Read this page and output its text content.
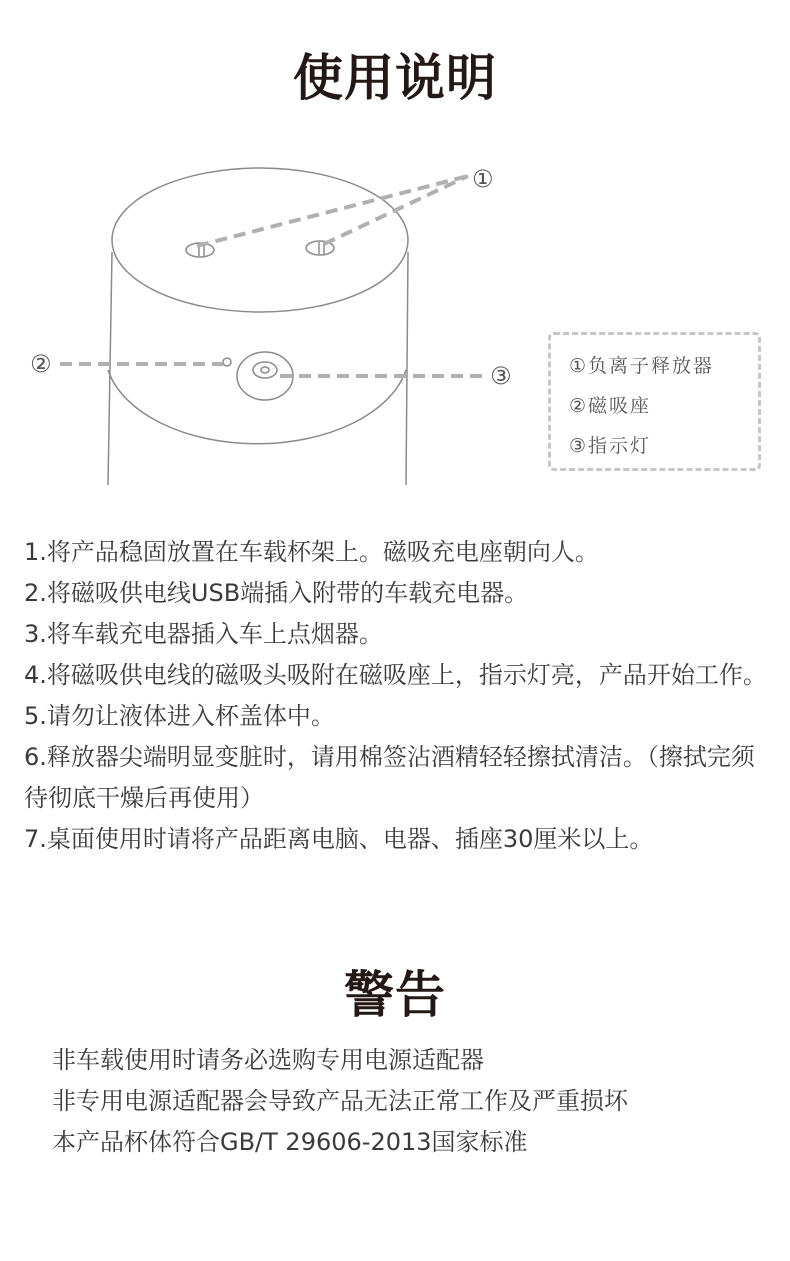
使用说明
①
②	③	①负离子释放器
②磁吸座
③指示灯

1.将产品稳固放置在车载杯架上。磁吸充电座朝向人。

2.将磁吸供电线USB端插入附带的车载充电器。

3.将车载充电器插入车上点烟器。

4.将磁吸供电线的磁吸头吸附在磁吸座上，指示灯亮，产品开始工作。

5.请勿让液体进入杯盖体中。

6.释放器尖端明显变脏时，请用棉签沾酒精轻轻擦拭清洁。（擦拭完须待彻底干燥后再使用）

7.桌面使用时请将产品距离电脑、电器、插座30厘米以上。

警告

非车载使用时请务必选购专用电源适配器

非专用电源适配器会导致产品无法正常工作及严重损坏

本产品杯体符合GB/T 29606-2013国家标准
